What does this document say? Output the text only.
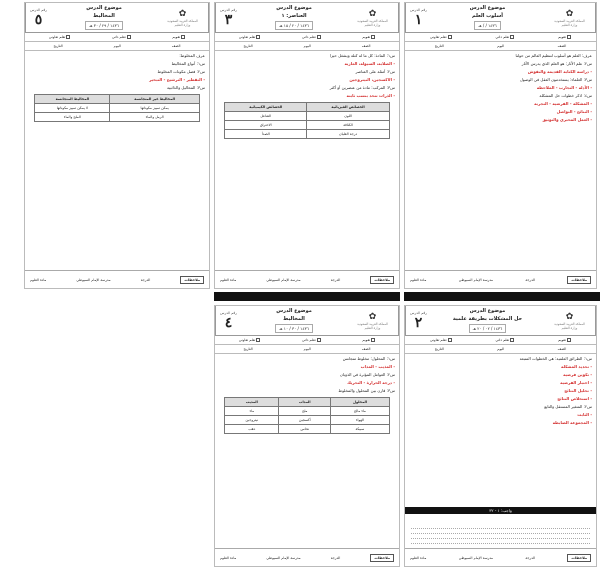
✿
المملكة العربية السعودية
وزارة التعليم
موضوع الدرس
أسلوب العلم
١٤٣٦ / / هـ
رقم الدرس
١
تقويم
تعلم ذاتي
تعلم تعاوني
الصف
اليوم
التاريخ
عرف: العلم هو أسلوب لتنظيم العالم من حولنا
س٢: علم الآثار: هو العلم الذي يدرس الآثار
- دراسة الكتابة القديمة والنقوش
س٣: العلماء: يستخدمون العقل في الوصول
- الأدلة - التجارب - الملاحظة
س٤: اذكر خطوات حل المشكلة
- المشكلة - الفرضية - التجربة
- النتائج - التواصل
- العمل المخبري والتوثيق
ملاحظات
الدرجة
مدرسة الإمام السيوطي
مادة العلوم
✿
المملكة العربية السعودية
وزارة التعليم
موضوع الدرس
العناصر: ١
١٤٣٦ / ٢٠ / ١٥ هـ
رقم الدرس
٣
تقويم
تعلم ذاتي
تعلم تعاوني
الصف
اليوم
التاريخ
س١: المادة: كل ما له كتلة ويشغل حيزا
- الصلابة، السيولة، الغازية
س٢: أمثلة على العناصر
- الاكسجين، النيتروجين
س٣: المركب: مادة من عنصرين أو أكثر
- الذرات تتحد بنسب ثابتة
الخصائص الفيزيائية	الخصائص الكيميائية
اللون	التفاعل
الكثافة	الاحتراق
درجة الغليان	الصدأ
ملاحظات
الدرجة
مدرسة الإمام السيوطي
مادة العلوم
✿
المملكة العربية السعودية
وزارة التعليم
موضوع الدرس
المخاليط
١٤٣٦ / ٢٩ / ٣٠ هـ
رقم الدرس
٥
تقويم
تعلم ذاتي
تعلم تعاوني
الصف
اليوم
التاريخ
عرف المخلوط:
س١: أنواع المخاليط
س٢: فصل مكونات المخلوط
- التقطير - الترشيح - التبخير
س٣: المحاليل والذائبية
المخاليط غير المتجانسة	المخاليط المتجانسة
يمكن تمييز مكوناتها	لا يمكن تمييز مكوناتها
الرمل والماء	الملح والماء
ملاحظات
الدرجة
مدرسة الإمام السيوطي
مادة العلوم
✿
المملكة العربية السعودية
وزارة التعليم
موضوع الدرس
حل المشكلات بطريقة علمية
١٤٣٦ / ٠٢ / ٢٠ هـ
رقم الدرس
٢
تقويم
تعلم ذاتي
تعلم تعاوني
الصف
اليوم
التاريخ
س١: الطرائق العلمية: هي الخطوات المتبعة
- تحديد المشكلة
- تكوين فرضية
- اختبار الفرضية
- تحليل النتائج
- استخلاص النتائج
س٢: المتغير المستقل والتابع
- الثابت
- المجموعة الضابطة
واجب: ١ - ٣٢
ملاحظات
الدرجة
مدرسة الإمام السيوطي
مادة العلوم
✿
المملكة العربية السعودية
وزارة التعليم
موضوع الدرس
المخاليط
١٤٣٦ / ٣٠ / ١٠ هـ
رقم الدرس
٤
تقويم
تعلم ذاتي
تعلم تعاوني
الصف
اليوم
التاريخ
س١: المحلول: مخلوط متجانس
- المذيب - المذاب
س٢: العوامل المؤثرة في الذوبان
- درجة الحرارة - التحريك
س٣: قارن بين المحلول والمخلوط
المحلول	المذاب	المذيب
ماء مالح	ملح	ماء
الهواء	أكسجين	نيتروجين
سبيكة	نحاس	ذهب
ملاحظات
الدرجة
مدرسة الإمام السيوطي
مادة العلوم
